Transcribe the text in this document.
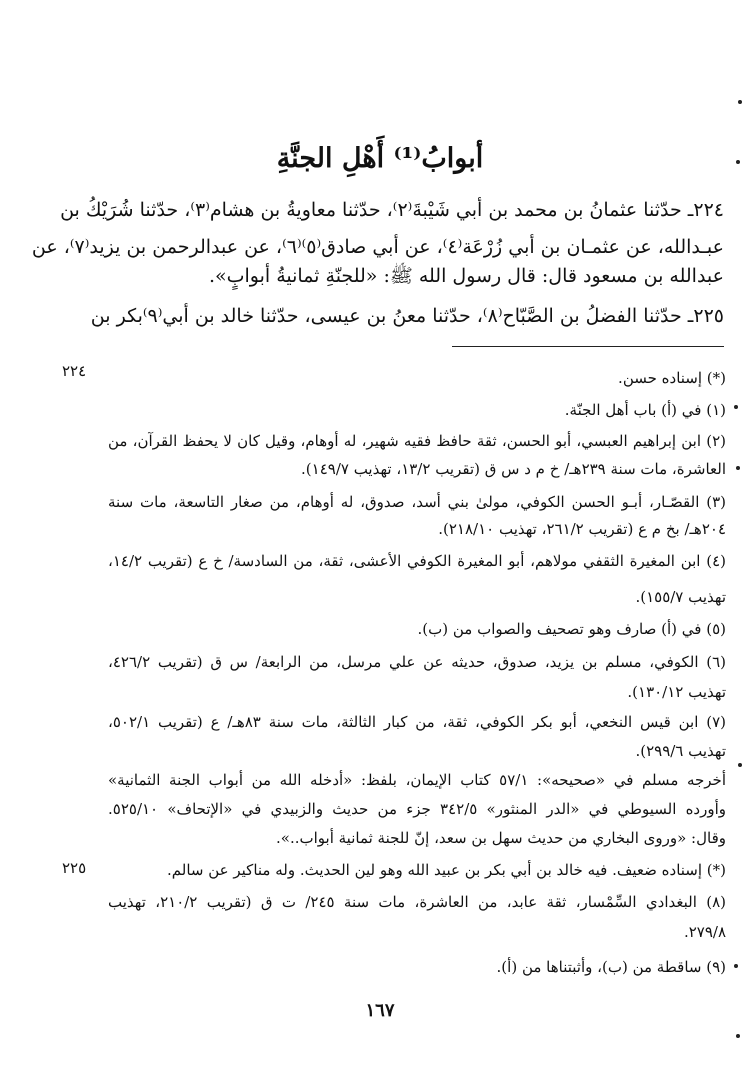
أبوابُ⁽¹⁾ أَهْلِ الجنَّةِ
٢٢٤ـ حدّثنا عثمانُ بن محمد بن أبي شَيْبةَ⁽٢⁾، حدّثنا معاويةُ بن هشام⁽٣⁾، حدّثنا شُرَيْكُ بن
عبـدالله، عن عثمـان بن أبي زُرْعَة⁽٤⁾، عن أبي صادق⁽٥⁾⁽٦⁾، عن عبدالرحمن بن يزيد⁽٧⁾، عن
عبدالله بن مسعود قال: قال رسول الله ﷺ: «للجنّةِ ثمانيةُ أبوابٍ».
٢٢٥ـ حدّثنا الفضلُ بن الصَّبّاح⁽٨⁾، حدّثنا معنُ بن عيسى، حدّثنا خالد بن أبي⁽٩⁾بكر بن
٢٢٤
٢٢٥
(*) إسناده حسن.
(١) في (أ) باب أهل الجنّة.
(٢) ابن إبراهيم العبسي، أبو الحسن، ثقة حافظ فقيه شهير، له أوهام، وقيل كان لا يحفظ القرآن، من
العاشرة، مات سنة ٢٣٩هـ/ خ م د س ق (تقريب ١٣/٢، تهذيب ١٤٩/٧).
(٣) القصّـار، أبـو الحسن الكوفي، مولىٰ بني أسد، صدوق، له أوهام، من صغار التاسعة، مات سنة
٢٠٤هـ/ بخ م ع (تقريب ٢٦١/٢، تهذيب ٢١٨/١٠).
(٤) ابن المغيرة الثقفي مولاهم، أبو المغيرة الكوفي الأعشى، ثقة، من السادسة/ خ ع (تقريب ١٤/٢،
تهذيب ١٥٥/٧).
(٥) في (أ) صارف وهو تصحيف والصواب من (ب).
(٦) الكوفي، مسلم بن يزيد، صدوق، حديثه عن علي مرسل، من الرابعة/ س ق (تقريب ٤٢٦/٢،
تهذيب ١٣٠/١٢).
(٧) ابن قيس النخعي، أبو بكر الكوفي، ثقة، من كبار الثالثة، مات سنة ٨٣هـ/ ع (تقريب ٥٠٢/١،
تهذيب ٢٩٩/٦).
أخرجه مسلم في «صحيحه»: ٥٧/١ كتاب الإيمان، بلفظ: «أدخله الله من أبواب الجنة الثمانية»
وأورده السيوطي في «الدر المنثور» ٣٤٢/٥ جزء من حديث والزبيدي في «الإتحاف» ٥٢٥/١٠.
وقال: «وروى البخاري من حديث سهل بن سعد، إنّ للجنة ثمانية أبواب..».
(*) إسناده ضعيف. فيه خالد بن أبي بكر بن عبيد الله وهو لين الحديث. وله مناكير عن سالم.
(٨) البغدادي السِّمْسار، ثقة عابد، من العاشرة، مات سنة ٢٤٥/ ت ق (تقريب ٢١٠/٢، تهذيب
٢٧٩/٨.
(٩) ساقطة من (ب)، وأثبتناها من (أ).
١٦٧
